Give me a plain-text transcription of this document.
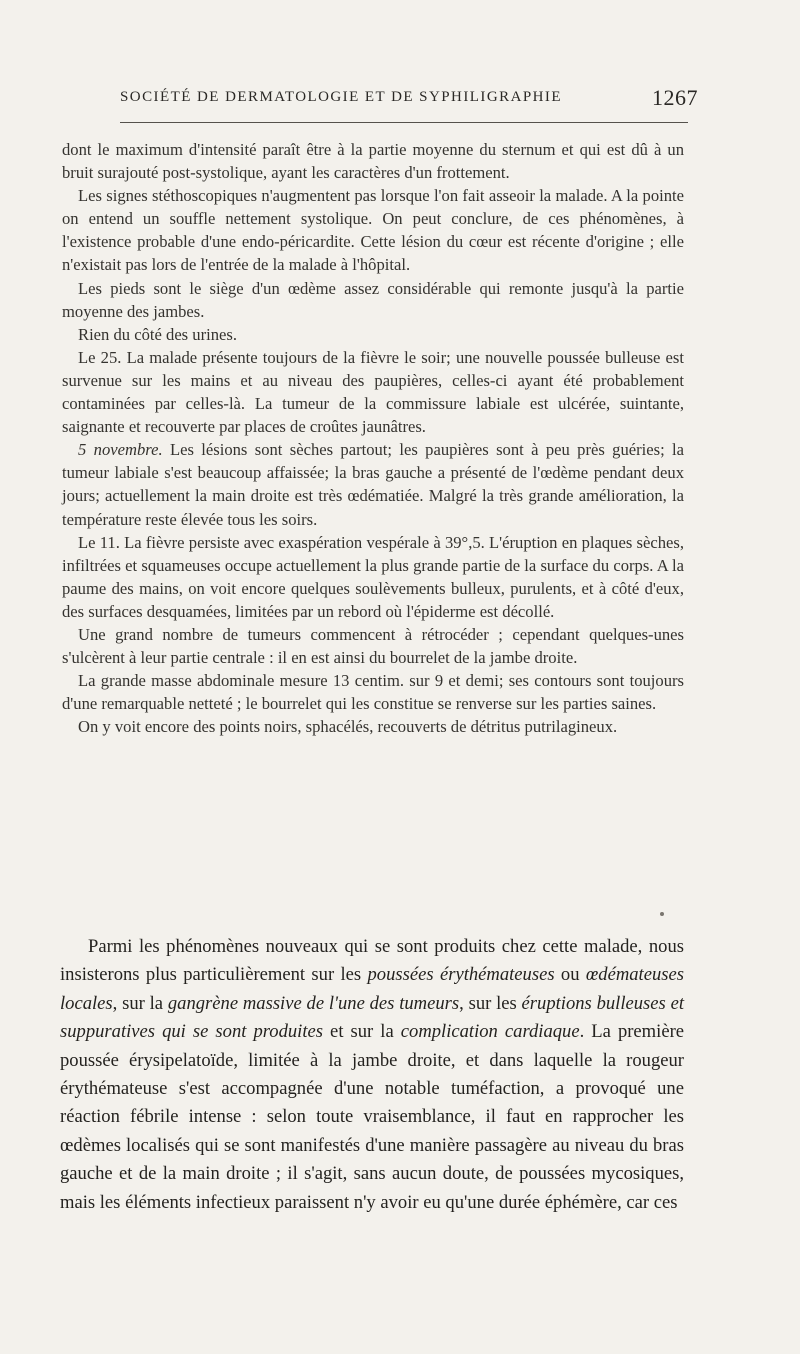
SOCIÉTÉ DE DERMATOLOGIE ET DE SYPHILIGRAPHIE	1267

dont le maximum d'intensité paraît être à la partie moyenne du sternum et qui est dû à un bruit surajouté post-systolique, ayant les caractères d'un frottement.

Les signes stéthoscopiques n'augmentent pas lorsque l'on fait asseoir la malade. A la pointe on entend un souffle nettement systolique. On peut conclure, de ces phénomènes, à l'existence probable d'une endo-péricardite. Cette lésion du cœur est récente d'origine ; elle n'existait pas lors de l'entrée de la malade à l'hôpital.

Les pieds sont le siège d'un œdème assez considérable qui remonte jusqu'à la partie moyenne des jambes.

Rien du côté des urines.

Le 25. La malade présente toujours de la fièvre le soir; une nouvelle poussée bulleuse est survenue sur les mains et au niveau des paupières, celles-ci ayant été probablement contaminées par celles-là. La tumeur de la commissure labiale est ulcérée, suintante, saignante et recouverte par places de croûtes jaunâtres.

5 novembre. Les lésions sont sèches partout; les paupières sont à peu près guéries; la tumeur labiale s'est beaucoup affaissée; la bras gauche a présenté de l'œdème pendant deux jours; actuellement la main droite est très œdématiée. Malgré la très grande amélioration, la température reste élevée tous les soirs.

Le 11. La fièvre persiste avec exaspération vespérale à 39°,5. L'éruption en plaques sèches, infiltrées et squameuses occupe actuellement la plus grande partie de la surface du corps. A la paume des mains, on voit encore quelques soulèvements bulleux, purulents, et à côté d'eux, des surfaces desquamées, limitées par un rebord où l'épiderme est décollé.

Une grand nombre de tumeurs commencent à rétrocéder ; cependant quelques-unes s'ulcèrent à leur partie centrale : il en est ainsi du bourrelet de la jambe droite.

La grande masse abdominale mesure 13 centim. sur 9 et demi; ses contours sont toujours d'une remarquable netteté ; le bourrelet qui les constitue se renverse sur les parties saines.

On y voit encore des points noirs, sphacélés, recouverts de détritus putrilagineux.

Parmi les phénomènes nouveaux qui se sont produits chez cette malade, nous insisterons plus particulièrement sur les poussées érythémateuses ou œdémateuses locales, sur la gangrène massive de l'une des tumeurs, sur les éruptions bulleuses et suppuratives qui se sont produites et sur la complication cardiaque. La première poussée érysipelatoïde, limitée à la jambe droite, et dans laquelle la rougeur érythémateuse s'est accompagnée d'une notable tuméfaction, a provoqué une réaction fébrile intense : selon toute vraisemblance, il faut en rapprocher les œdèmes localisés qui se sont manifestés d'une manière passagère au niveau du bras gauche et de la main droite ; il s'agit, sans aucun doute, de poussées mycosiques, mais les éléments infectieux paraissent n'y avoir eu qu'une durée éphémère, car ces
